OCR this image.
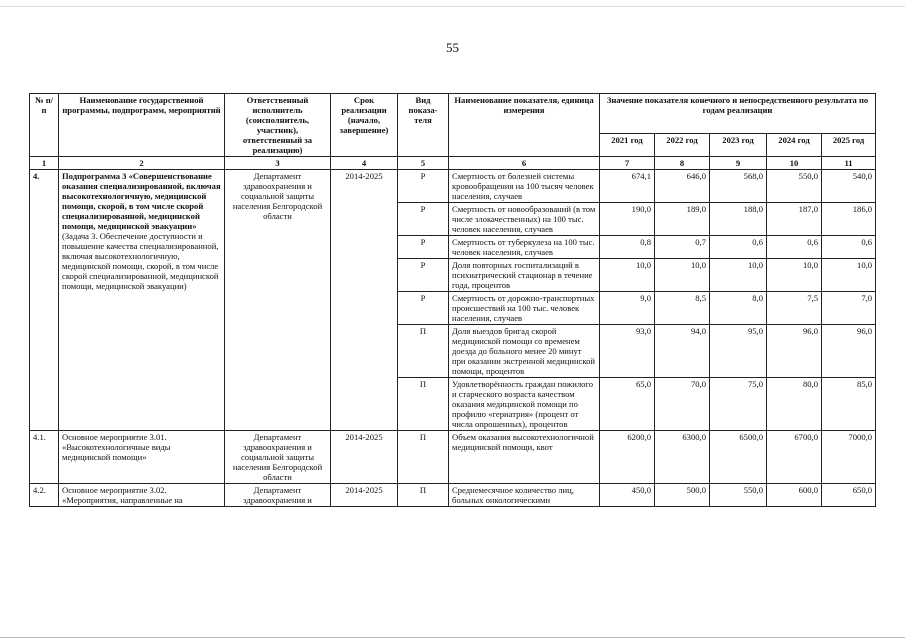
55
№ п/п	Наименование государственной программы, подпрограмм, мероприятий	Ответственный исполнитель (соисполнитель, участник), ответственный за реализацию)	Срок реализации (начало, завершение)	Вид показа-теля	Наименование показателя, единица измерения	Значение показателя конечного и непосредственного результата по годам реализации				
						2021 год	2022 год	2023 год	2024 год	2025 год
1	2	3	4	5	6	7	8	9	10	11
4.	Подпрограмма 3 «Совершенствование оказания специализированной, включая высокотехнологичную, медицинской помощи, скорой, в том числе скорой специализированной, медицинской помощи, медицинской эвакуации»
(Задача 3. Обеспечение доступности и повышение качества специализированной, включая высокотехнологичную, медицинской помощи, скорой, в том числе скорой специализированной, медицинской помощи, медицинской эвакуации)	Департамент здравоохранения и социальной защиты населения Белгородской области	2014-2025	Р	Смертность от болезней системы кровообращения на 100 тысяч человек населения, случаев	674,1	646,0	568,0	550,0	540,0
				Р	Смертность от новообразований (в том числе злокачественных) на 100 тыс. человек населения, случаев	190,0	189,0	188,0	187,0	186,0
				Р	Смертность от туберкулеза на 100 тыс. человек населения, случаев	0,8	0,7	0,6	0,6	0,6
				Р	Доля повторных госпитализаций в психиатрический стационар в течение года, процентов	10,0	10,0	10,0	10,0	10,0
				Р	Смертность от дорожно-транспортных происшествий на 100 тыс. человек населения, случаев	9,0	8,5	8,0	7,5	7,0
				П	Доля выездов бригад скорой медицинской помощи со временем доезда до больного менее 20 минут при оказании экстренной медицинской помощи, процентов	93,0	94,0	95,0	96,0	96,0
				П	Удовлетворённость граждан пожилого и старческого возраста качеством оказания медицинской помощи по профилю «гериатрия» (процент от числа опрошенных), процентов	65,0	70,0	75,0	80,0	85,0
4.1.	Основное мероприятие 3.01. «Высокотехнологичные виды медицинской помощи»	Департамент здравоохранения и социальной защиты населения Белгородской области	2014-2025	П	Объем оказания высокотехнологичной медицинской помощи, квот	6200,0	6300,0	6500,0	6700,0	7000,0
4.2.	Основное мероприятие 3.02. «Мероприятия, направленные на	Департамент здравоохранения и	2014-2025	П	Среднемесячное количество лиц, больных онкологическими	450,0	500,0	550,0	600,0	650,0
